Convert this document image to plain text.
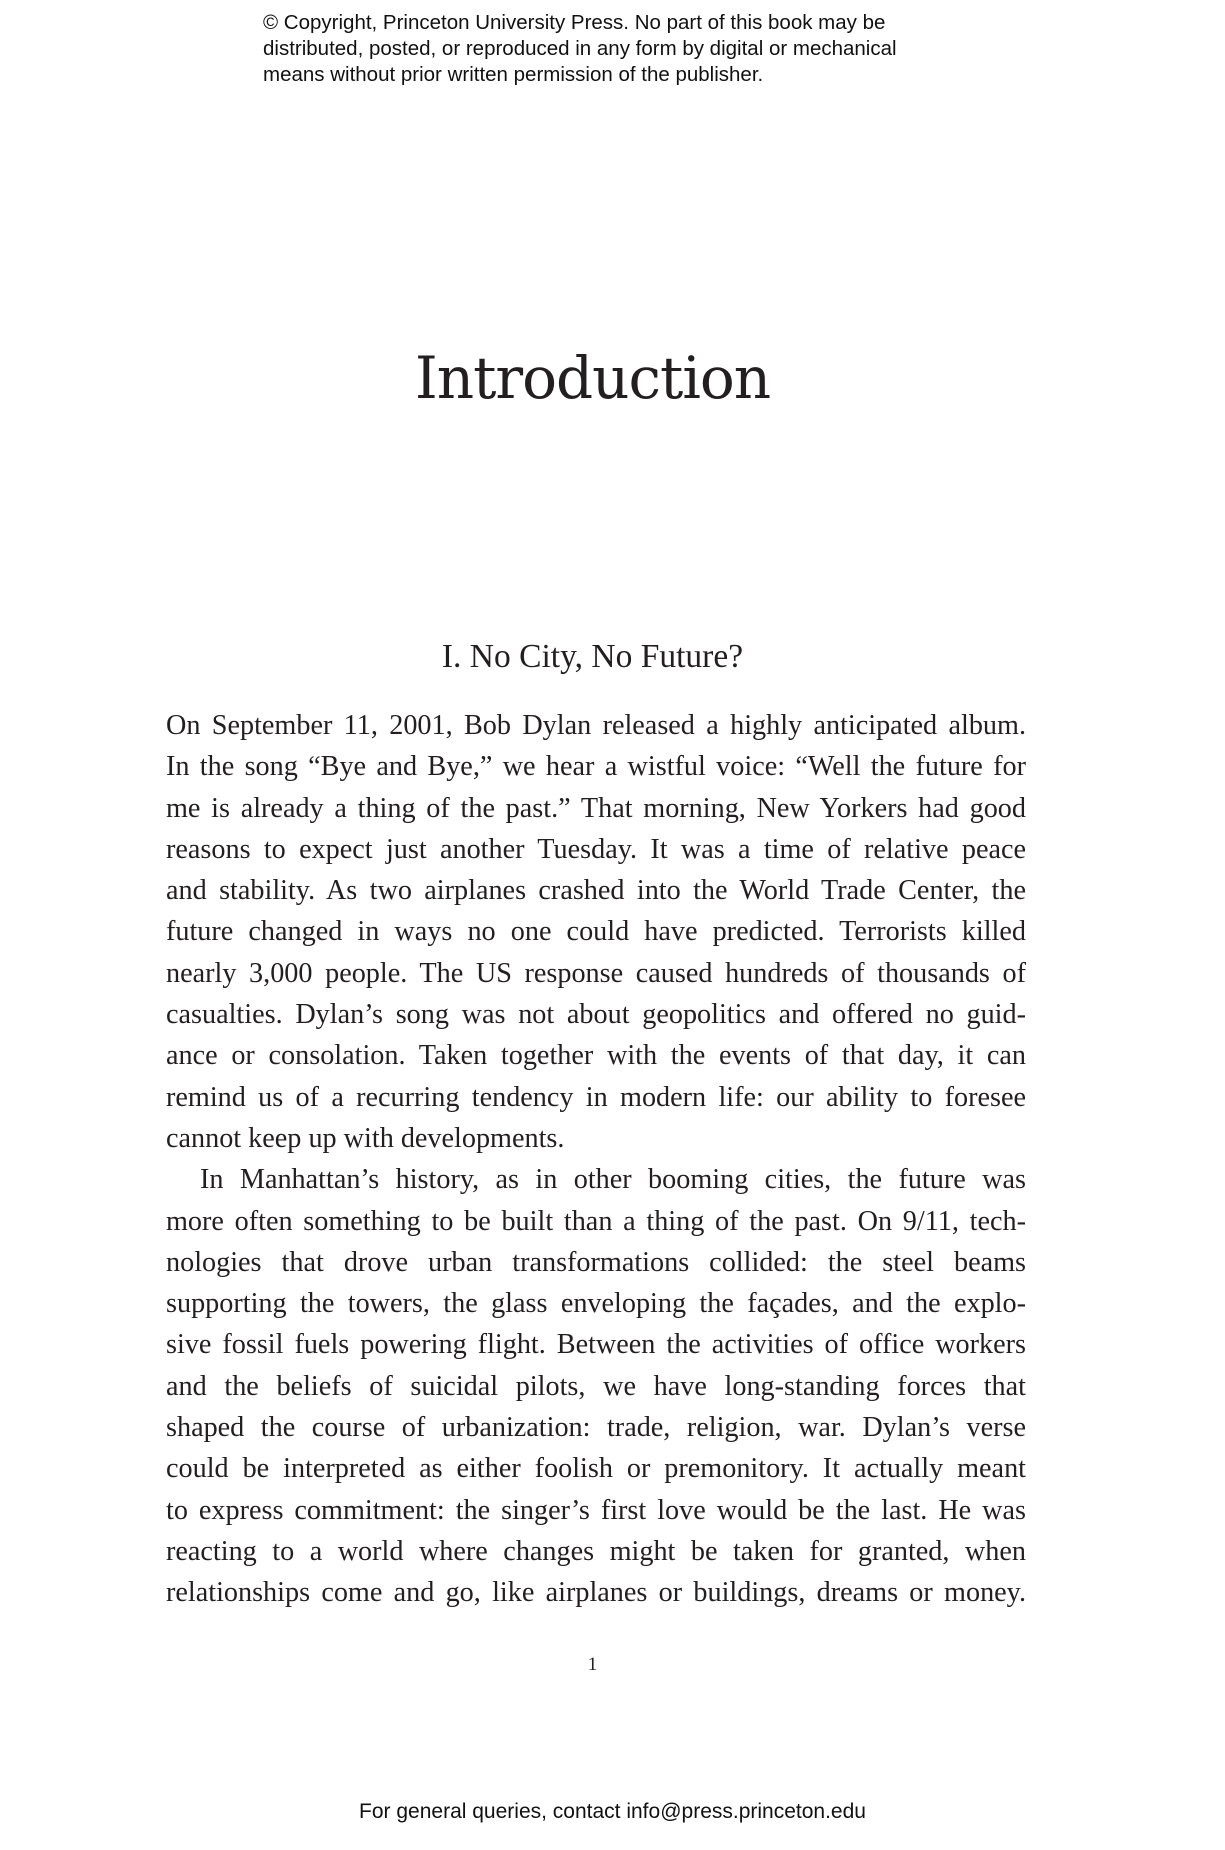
© Copyright, Princeton University Press. No part of this book may be
distributed, posted, or reproduced in any form by digital or mechanical
means without prior written permission of the publisher.
Introduction
I. No City, No Future?
On September 11, 2001, Bob Dylan released a highly anticipated album.
In the song “Bye and Bye,” we hear a wistful voice: “Well the future for
me is already a thing of the past.” That morning, New Yorkers had good
reasons to expect just another Tuesday. It was a time of relative peace
and stability. As two airplanes crashed into the World Trade Center, the
future changed in ways no one could have predicted. Terrorists killed
nearly 3,000 people. The US response caused hundreds of thousands of
casualties. Dylan’s song was not about geopolitics and offered no guid-
ance or consolation. Taken together with the events of that day, it can
remind us of a recurring tendency in modern life: our ability to foresee
cannot keep up with developments.
In Manhattan’s history, as in other booming cities, the future was
more often something to be built than a thing of the past. On 9/11, tech-
nologies that drove urban transformations collided: the steel beams
supporting the towers, the glass enveloping the façades, and the explo-
sive fossil fuels powering flight. Between the activities of office workers
and the beliefs of suicidal pilots, we have long-standing forces that
shaped the course of urbanization: trade, religion, war. Dylan’s verse
could be interpreted as either foolish or premonitory. It actually meant
to express commitment: the singer’s first love would be the last. He was
reacting to a world where changes might be taken for granted, when
relationships come and go, like airplanes or buildings, dreams or money.
1
For general queries, contact info@press.princeton.edu
